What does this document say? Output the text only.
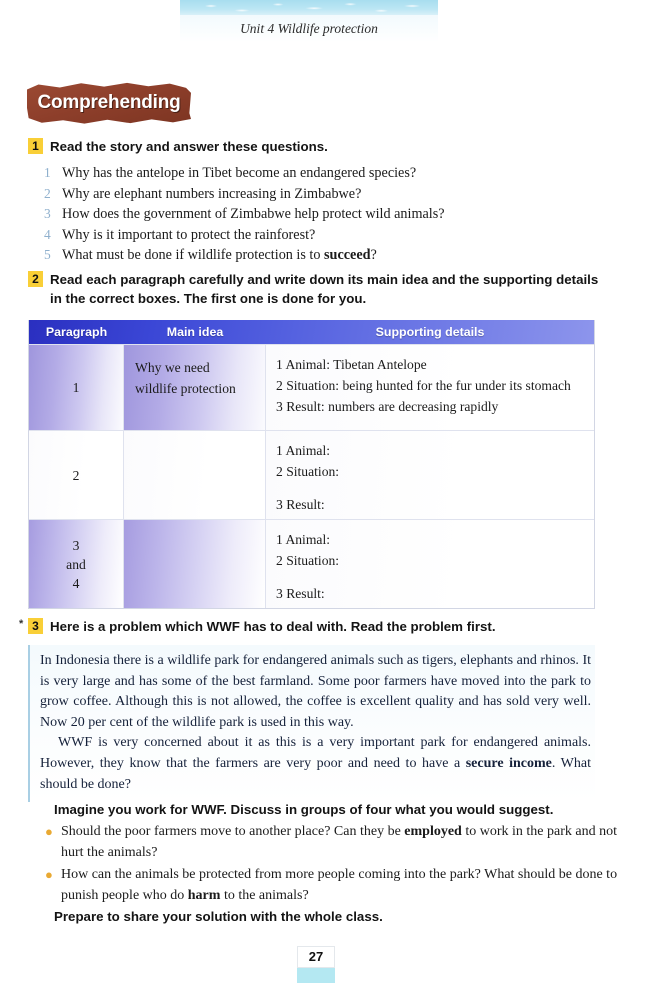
Unit 4 Wildlife protection
Comprehending
1 Read the story and answer these questions.
1 Why has the antelope in Tibet become an endangered species?
2 Why are elephant numbers increasing in Zimbabwe?
3 How does the government of Zimbabwe help protect wild animals?
4 Why is it important to protect the rainforest?
5 What must be done if wildlife protection is to succeed?
2 Read each paragraph carefully and write down its main idea and the supporting details in the correct boxes. The first one is done for you.
Paragraph	Main idea	Supporting details
1
Why we need wildlife protection
1 Animal: Tibetan Antelope
2 Situation: being hunted for the fur under its stomach
3 Result: numbers are decreasing rapidly
2
1 Animal:
2 Situation:
3 Result:
3
and
4
1 Animal:
2 Situation:
3 Result:
* 3 Here is a problem which WWF has to deal with. Read the problem first.

In Indonesia there is a wildlife park for endangered animals such as tigers, elephants and rhinos. It is very large and has some of the best farmland. Some poor farmers have moved into the park to grow coffee. Although this is not allowed, the coffee is excellent quality and has sold very well. Now 20 per cent of the wildlife park is used in this way.

WWF is very concerned about it as this is a very important park for endangered animals. However, they know that the farmers are very poor and need to have a secure income. What should be done?

Imagine you work for WWF. Discuss in groups of four what you would suggest.
● Should the poor farmers move to another place? Can they be employed to work in the park and not hurt the animals?
● How can the animals be protected from more people coming into the park? What should be done to punish people who do harm to the animals?
Prepare to share your solution with the whole class.
27
